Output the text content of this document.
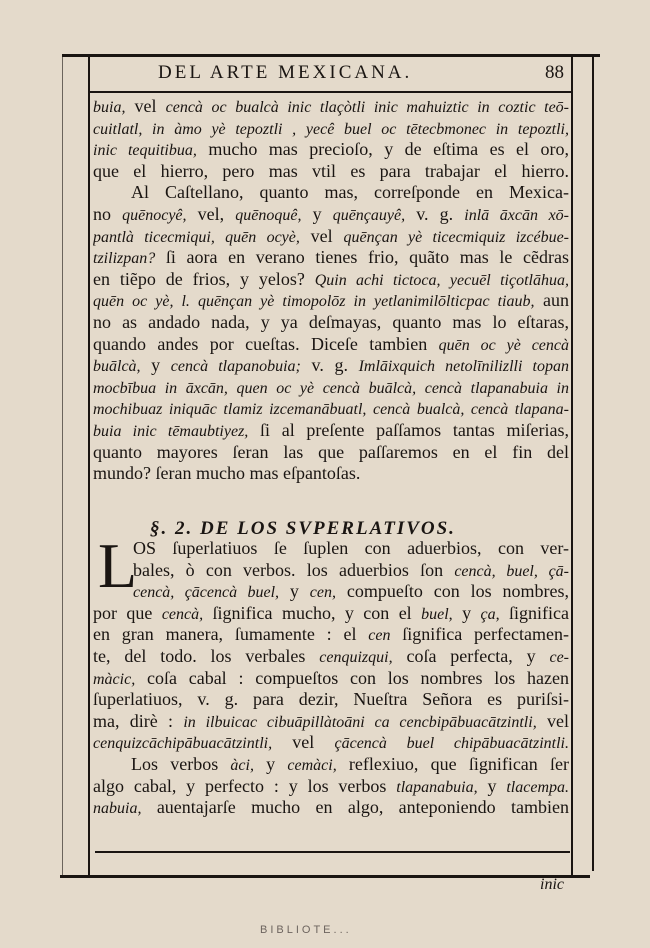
DEL ARTE MEXICANA.	88
buia, vel cencà oc bualcà inic tlaçòtli inic mahuiztic in coztic teō-
cuitlatl, in àmo yè tepoztli , yecê buel oc tētecbmonec in tepoztli,
inic tequitibua, mucho mas precioſo, y de eſtima es el oro,
que el hierro, pero mas vtil es para trabajar el hierro.
Al Caſtellano, quanto mas, correſponde en Mexica-
no quēnocyê, vel, quēnoquê, y quēnçauyê, v. g. inlā āxcān xō-
pantlà ticecmiqui, quēn ocyè, vel quēnçan yè ticecmiquiz izcébue-
tzilizpan? ſi aora en verano tienes frio, quãto mas le cẽdras
en tiẽpo de frios, y yelos? Quin achi tictoca, yecuēl tiçotlāhua,
quēn oc yè, l. quēnçan yè timopolōz in yetlanimilōlticpac tiaub, aun
no as andado nada, y ya deſmayas, quanto mas lo eſtaras,
quando andes por cueſtas. Diceſe tambien quēn oc yè cencà
buālcà, y cencà tlapanobuia; v. g. Imlāixquich netolīnilizlli topan
mocbībua in āxcān, quen oc yè cencà buālcà, cencà tlapanabuia in
mochibuaz iniquāc tlamiz izcemanābuatl, cencà bualcà, cencà tlapana-
buia inic tēmaubtiyez, ſi al preſente paſſamos tantas miſerias,
quanto mayores ſeran las que paſſaremos en el fin del
mundo? ſeran mucho mas eſpantoſas.
§. 2. DE LOS SVPERLATIVOS.
L
OS ſuperlatiuos ſe ſuplen con aduerbios, con ver-
bales, ò con verbos. los aduerbios ſon cencà, buel, çā-
cencà, çācencà buel, y cen, compueſto con los nombres,
por que cencà, ſignifica mucho, y con el buel, y ça, ſignifica
en gran manera, ſumamente : el cen ſignifica perfectamen-
te, del todo. los verbales cenquizqui, coſa perfecta, y ce-
màcic, coſa cabal : compueſtos con los nombres los hazen
ſuperlatiuos, v. g. para dezir, Nueſtra Señora es puriſsi-
ma, dirè : in ilbuicac cibuāpillàtoāni ca cencbipābuacātzintli, vel
cenquizcāchipābuacātzintli, vel çācencà buel chipābuacātzintli.
Los verbos àci, y cemàci, reflexiuo, que ſignifican ſer
algo cabal, y perfecto : y los verbos tlapanabuia, y tlacempa.
nabuia, auentajarſe mucho en algo, anteponiendo tambien
inic
BIBLIOTE...
